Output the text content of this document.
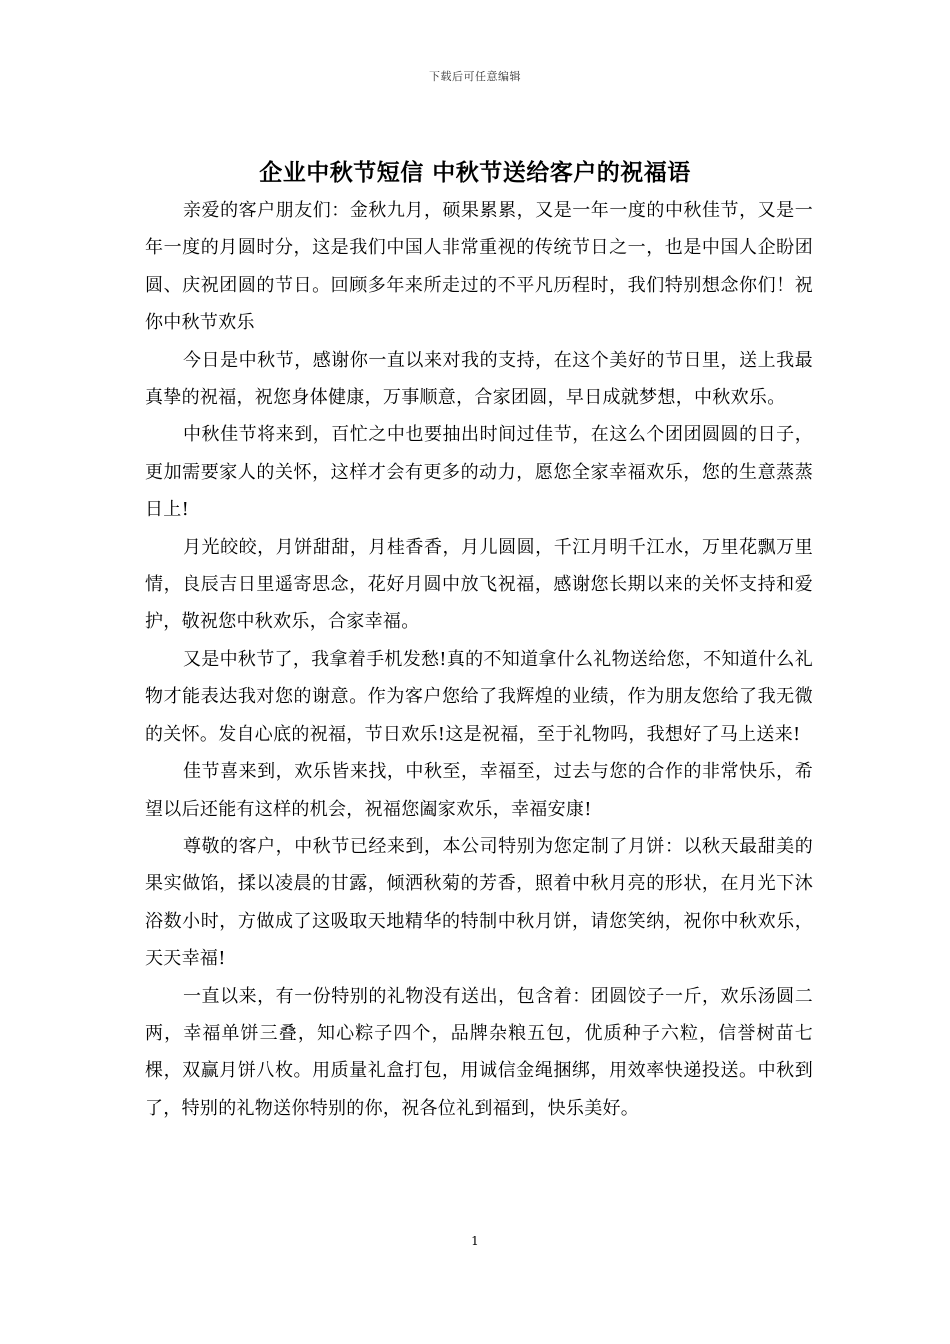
下载后可任意编辑
企业中秋节短信 中秋节送给客户的祝福语

亲爱的客户朋友们：金秋九月，硕果累累，又是一年一度的中秋佳节，又是一年一度的月圆时分，这是我们中国人非常重视的传统节日之一，也是中国人企盼团圆、庆祝团圆的节日。回顾多年来所走过的不平凡历程时，我们特别想念你们！祝你中秋节欢乐

今日是中秋节，感谢你一直以来对我的支持，在这个美好的节日里，送上我最真挚的祝福，祝您身体健康，万事顺意，合家团圆，早日成就梦想，中秋欢乐。

中秋佳节将来到，百忙之中也要抽出时间过佳节，在这么个团团圆圆的日子，更加需要家人的关怀，这样才会有更多的动力，愿您全家幸福欢乐，您的生意蒸蒸日上!

月光皎皎，月饼甜甜，月桂香香，月儿圆圆，千江月明千江水，万里花飘万里情，良辰吉日里遥寄思念，花好月圆中放飞祝福，感谢您长期以来的关怀支持和爱护，敬祝您中秋欢乐，合家幸福。

又是中秋节了，我拿着手机发愁!真的不知道拿什么礼物送给您，不知道什么礼物才能表达我对您的谢意。作为客户您给了我辉煌的业绩，作为朋友您给了我无微的关怀。发自心底的祝福，节日欢乐!这是祝福，至于礼物吗，我想好了马上送来!

佳节喜来到，欢乐皆来找，中秋至，幸福至，过去与您的合作的非常快乐，希望以后还能有这样的机会，祝福您阖家欢乐，幸福安康!

尊敬的客户，中秋节已经来到，本公司特别为您定制了月饼：以秋天最甜美的果实做馅，揉以凌晨的甘露，倾洒秋菊的芳香，照着中秋月亮的形状，在月光下沐浴数小时，方做成了这吸取天地精华的特制中秋月饼，请您笑纳，祝你中秋欢乐，天天幸福!

一直以来，有一份特别的礼物没有送出，包含着：团圆饺子一斤，欢乐汤圆二两，幸福单饼三叠，知心粽子四个，品牌杂粮五包，优质种子六粒，信誉树苗七棵，双赢月饼八枚。用质量礼盒打包，用诚信金绳捆绑，用效率快递投送。中秋到了，特别的礼物送你特别的你，祝各位礼到福到，快乐美好。

1
